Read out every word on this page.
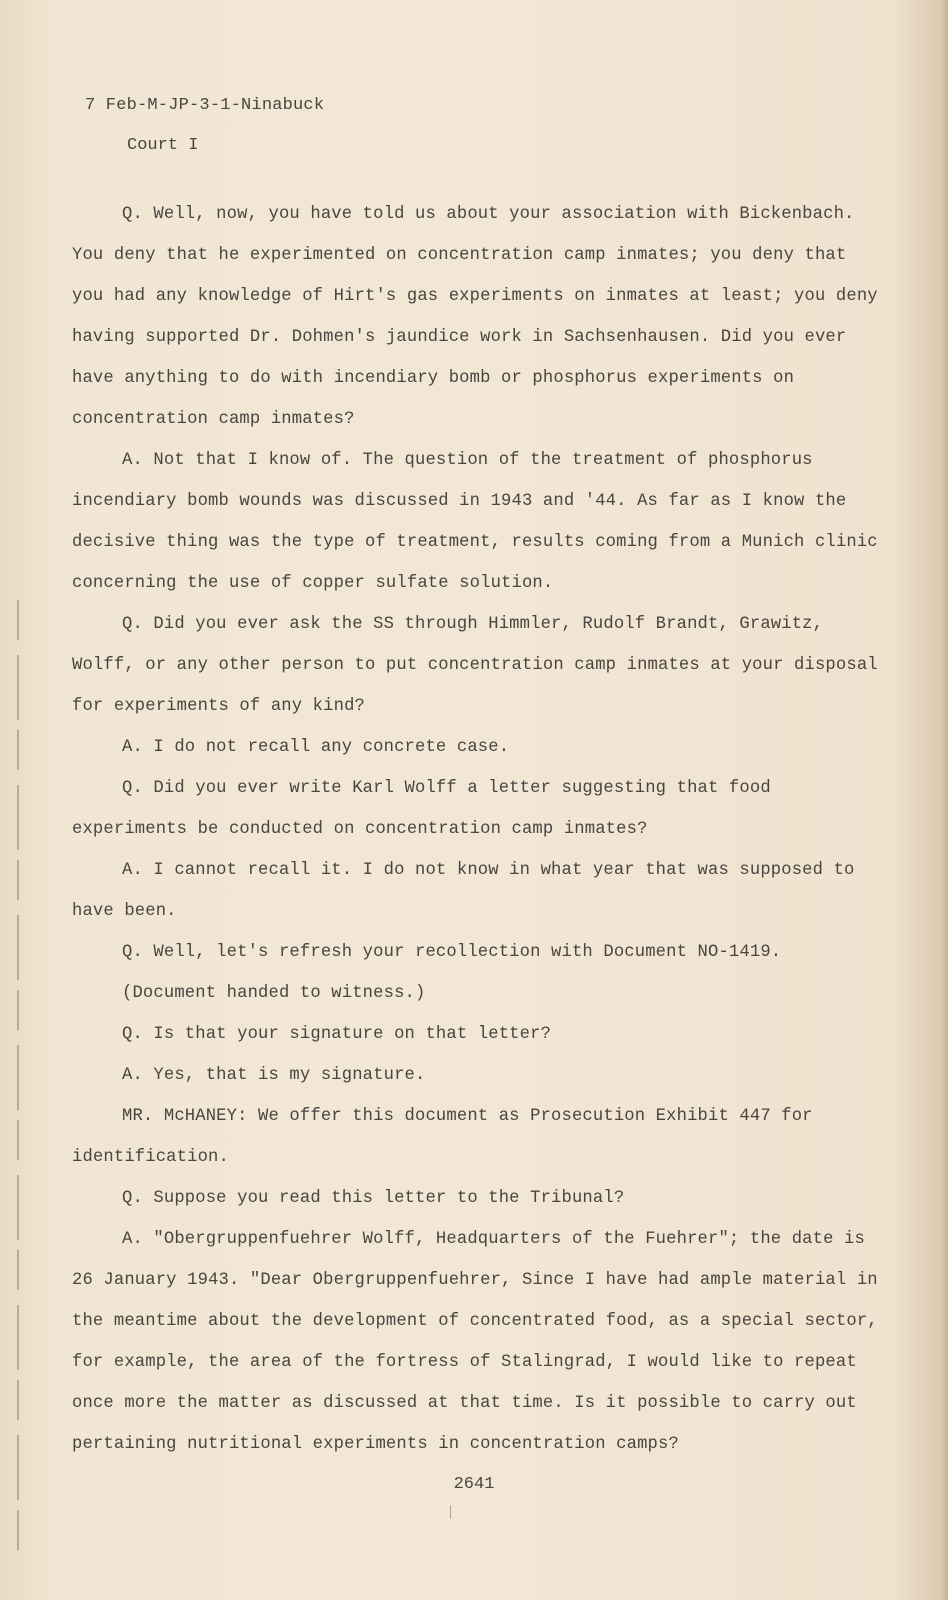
7 Feb-M-JP-3-1-Ninabuck
Court I

Q. Well, now, you have told us about your association with Bickenbach. You deny that he experimented on concentration camp inmates; you deny that you had any knowledge of Hirt's gas experiments on inmates at least; you deny having supported Dr. Dohmen's jaundice work in Sachsenhausen. Did you ever have anything to do with incendiary bomb or phosphorus experiments on concentration camp inmates?

A. Not that I know of. The question of the treatment of phosphorus incendiary bomb wounds was discussed in 1943 and '44. As far as I know the decisive thing was the type of treatment, results coming from a Munich clinic concerning the use of copper sulfate solution.

Q. Did you ever ask the SS through Himmler, Rudolf Brandt, Grawitz, Wolff, or any other person to put concentration camp inmates at your disposal for experiments of any kind?

A. I do not recall any concrete case.

Q. Did you ever write Karl Wolff a letter suggesting that food experiments be conducted on concentration camp inmates?

A. I cannot recall it. I do not know in what year that was supposed to have been.

Q. Well, let's refresh your recollection with Document NO-1419.

(Document handed to witness.)

Q. Is that your signature on that letter?

A. Yes, that is my signature.

MR. McHANEY: We offer this document as Prosecution Exhibit 447 for identification.

Q. Suppose you read this letter to the Tribunal?

A. "Obergruppenfuehrer Wolff, Headquarters of the Fuehrer"; the date is 26 January 1943. "Dear Obergruppenfuehrer, Since I have had ample material in the meantime about the development of concentrated food, as a special sector, for example, the area of the fortress of Stalingrad, I would like to repeat once more the matter as discussed at that time. Is it possible to carry out pertaining nutritional experiments in concentration camps?

2641
